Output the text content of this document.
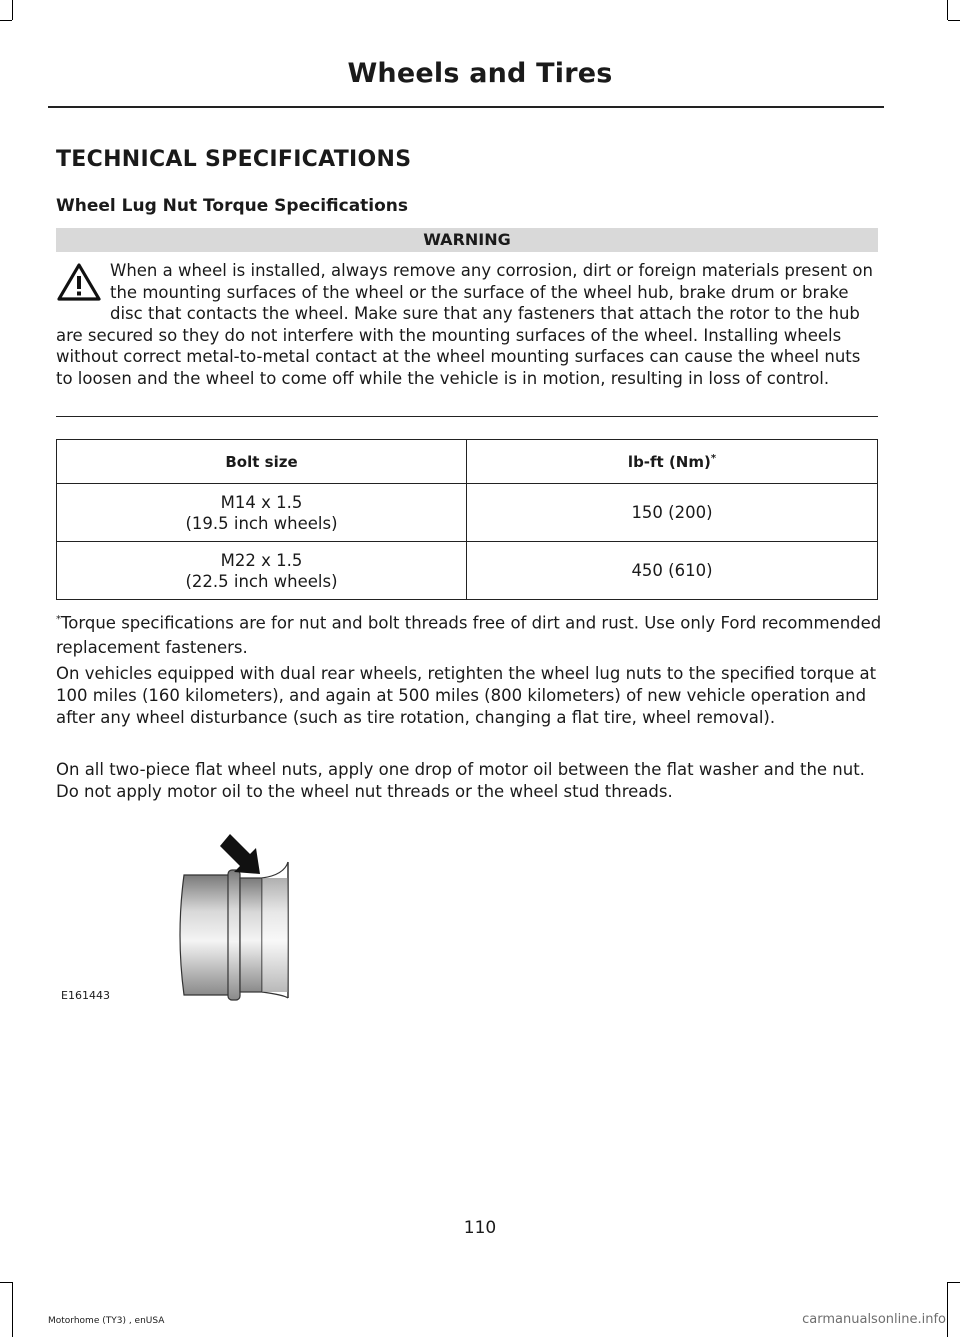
Wheels and Tires
TECHNICAL SPECIFICATIONS
Wheel Lug Nut Torque Specifications
WARNING

When a wheel is installed, always remove any corrosion, dirt or foreign materials present on the mounting surfaces of the wheel or the surface of the wheel hub, brake drum or brake disc that contacts the wheel. Make sure that any fasteners that attach the rotor to the hub are secured so they do not interfere with the mounting surfaces of the wheel. Installing wheels without correct metal-to-metal contact at the wheel mounting surfaces can cause the wheel nuts to loosen and the wheel to come off while the vehicle is in motion, resulting in loss of control.

Bolt size	lb-ft (Nm)*
M14 x 1.5
(19.5 inch wheels)	150 (200)
M22 x 1.5
(22.5 inch wheels)	450 (610)

*Torque specifications are for nut and bolt threads free of dirt and rust. Use only Ford recommended replacement fasteners.

On vehicles equipped with dual rear wheels, retighten the wheel lug nuts to the specified torque at 100 miles (160 kilometers), and again at 500 miles (800 kilometers) of new vehicle operation and after any wheel disturbance (such as tire rotation, changing a flat tire, wheel removal).

On all two-piece flat wheel nuts, apply one drop of motor oil between the flat washer and the nut. Do not apply motor oil to the wheel nut threads or the wheel stud threads.

E161443
110
Motorhome (TY3) , enUSA	carmanualsonline.info
